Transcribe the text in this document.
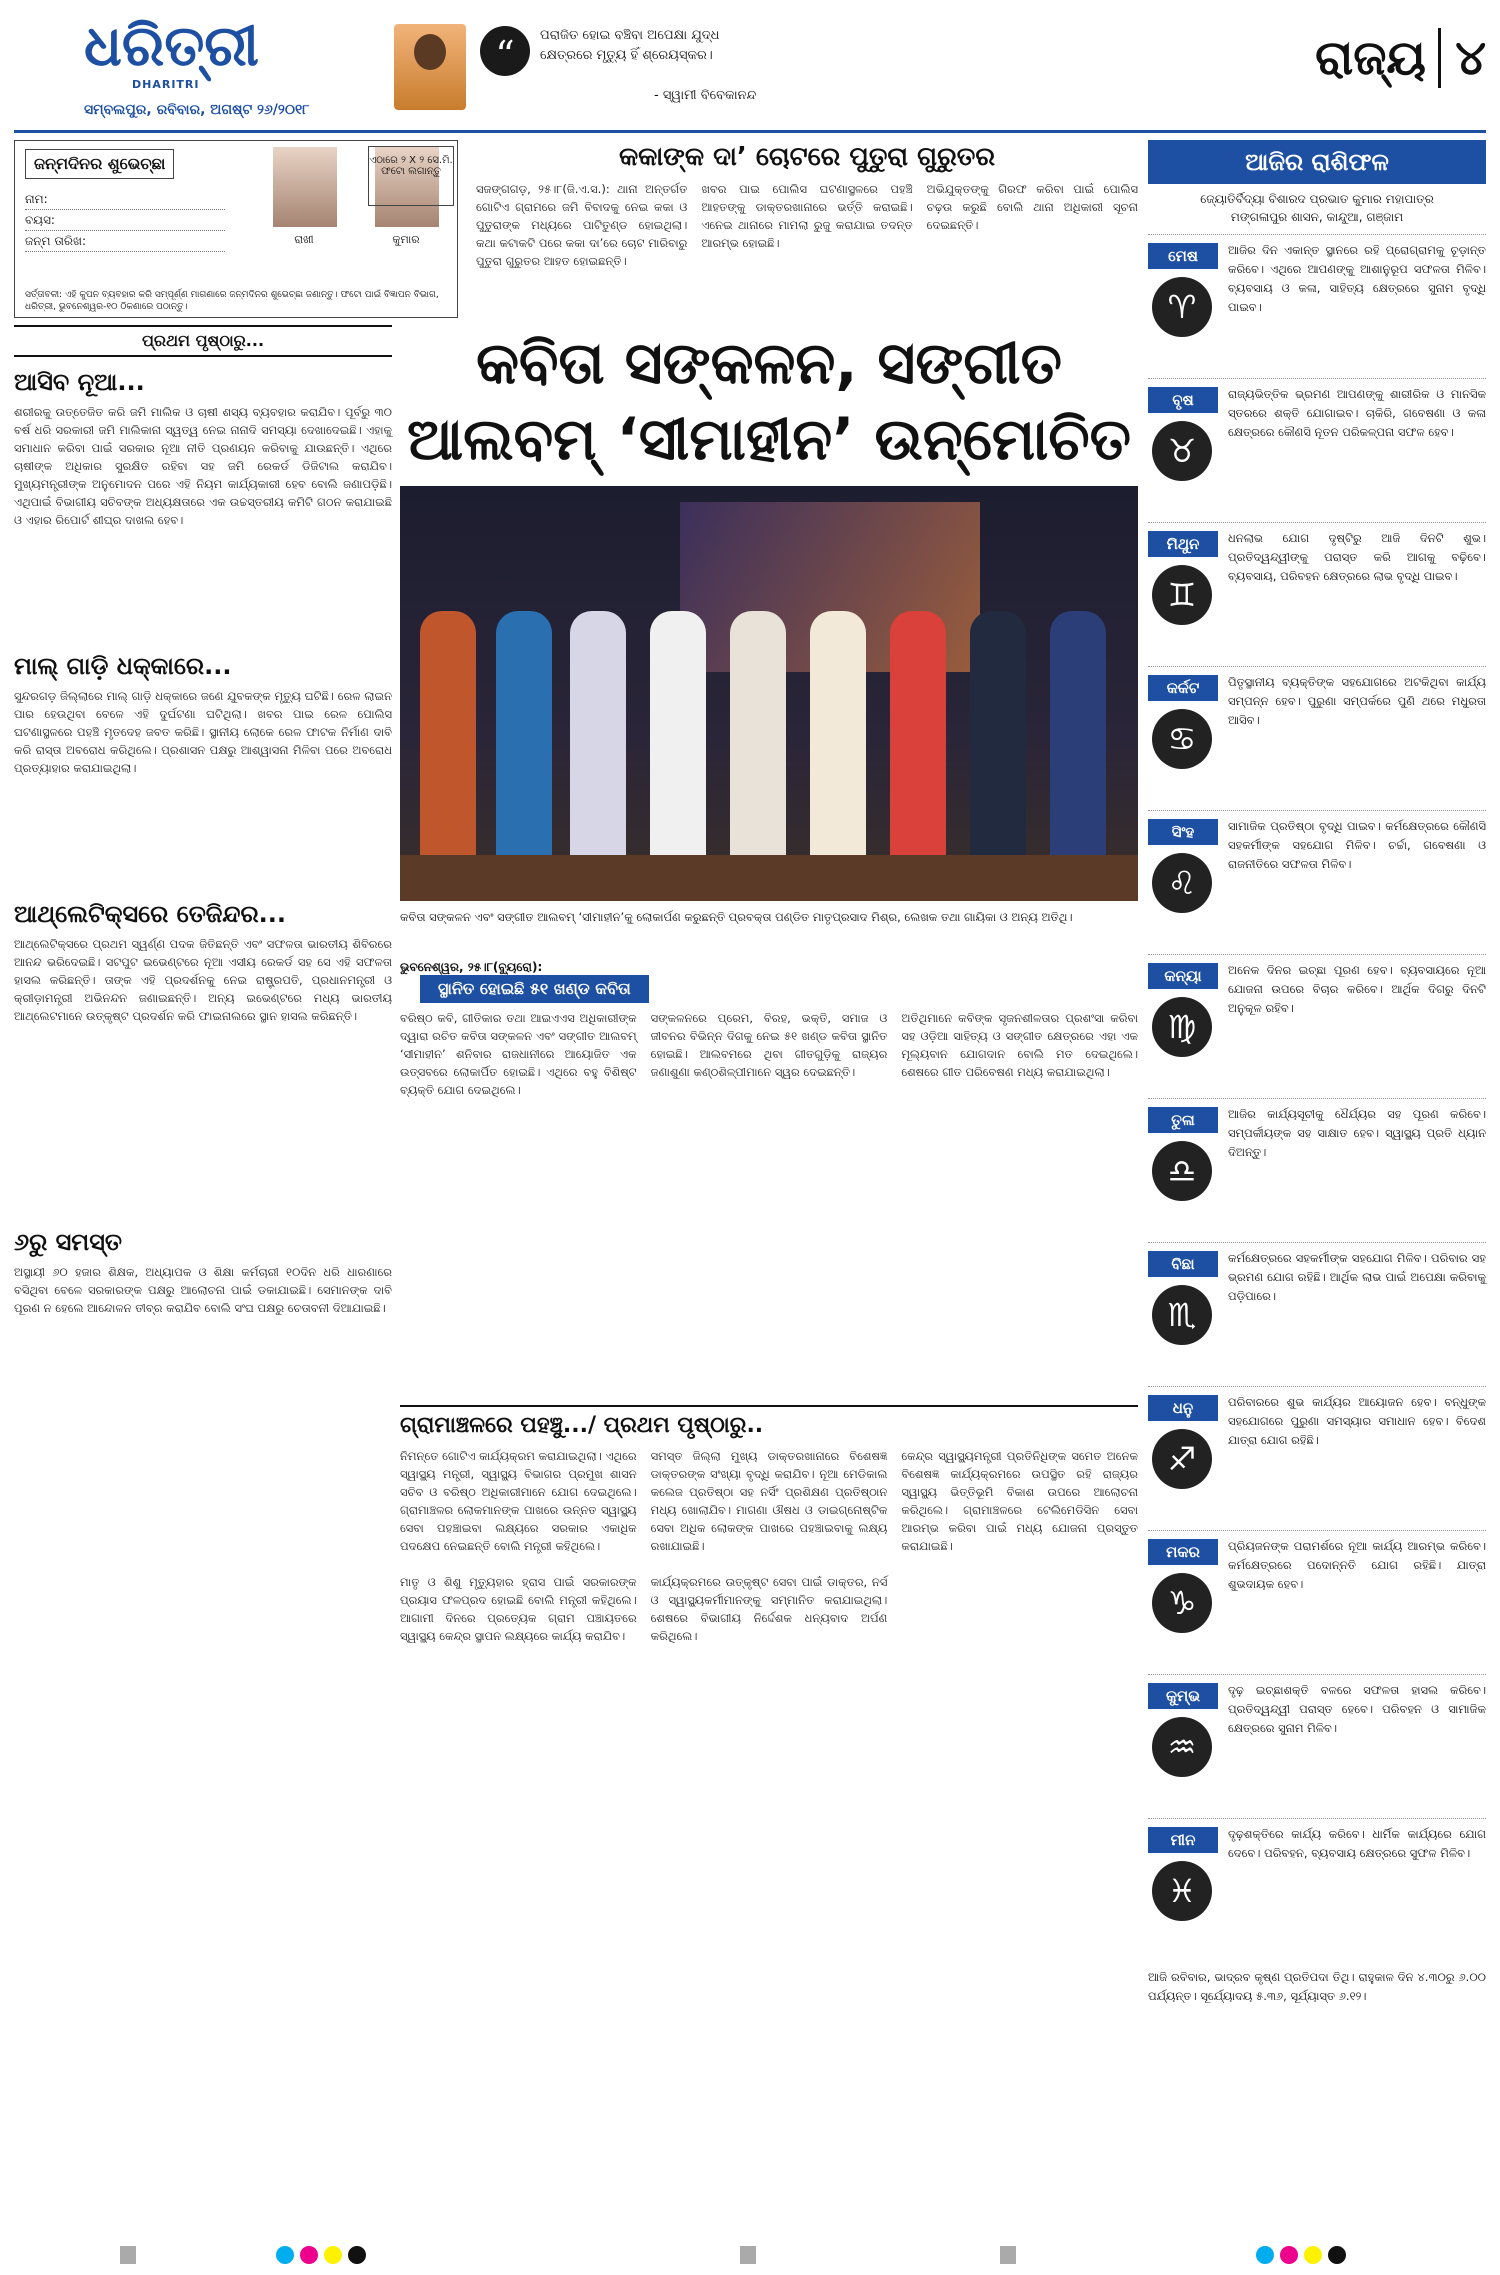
ଧରିତ୍ରୀ
DHARITRI
ସମ୍ବଲପୁର, ରବିବାର, ଅଗଷ୍ଟ ୨୬/୨୦୧୮
“	ପରାଜିତ ହୋଇ ବଞ୍ଚିବା ଅପେକ୍ଷା ଯୁଦ୍ଧ କ୍ଷେତ୍ରରେ ମୃତ୍ୟୁ ହିଁ ଶ୍ରେୟସ୍କର।
- ସ୍ୱାମୀ ବିବେକାନନ୍ଦ
ରାଜ୍ୟ ୪
ଜନ୍ମଦିନର ଶୁଭେଚ୍ଛା
ନାମ:
ବୟସ:
ଜନ୍ମ ତାରିଖ:	ରାଖୀ	କୁମାର
ସର୍ତ୍ତାବଳୀ: ଏହି କୁପନ ବ୍ୟବହାର କରି ସମ୍ପୂର୍ଣ୍ଣ ମାଗଣାରେ ଜନ୍ମଦିନର ଶୁଭେଚ୍ଛା ଜଣାନ୍ତୁ। ଫଟୋ ପାଇଁ ବିଜ୍ଞାପନ ବିଭାଗ, ଧରିତ୍ରୀ, ଭୁବନେଶ୍ୱର-୧୦ ଠିକଣାରେ ପଠାନ୍ତୁ।
ଏଠାରେ ୨ X ୨ ସେ.ମି. ଫଟୋ ଲଗାନ୍ତୁ	କକାଙ୍କ ଦା’ ଚୋଟରେ ପୁତୁରା ଗୁରୁତର

ସଜଙ୍ଗଗଡ଼, ୨୫।୮(ଜି.ଏ.ସ.): ଥାନା ଅନ୍ତର୍ଗତ ଗୋଟିଏ ଗ୍ରାମରେ ଜମି ବିବାଦକୁ ନେଇ କକା ଓ ପୁତୁରାଙ୍କ ମଧ୍ୟରେ ପାଟିତୁଣ୍ଡ ହୋଇଥିଲା। କଥା କଟାକଟି ପରେ କକା ଦା’ରେ ଚୋଟ ମାରିବାରୁ ପୁତୁରା ଗୁରୁତର ଆହତ ହୋଇଛନ୍ତି।

ଖବର ପାଇ ପୋଲିସ ଘଟଣାସ୍ଥଳରେ ପହଞ୍ଚି ଆହତଙ୍କୁ ଡାକ୍ତରଖାନାରେ ଭର୍ତ୍ତି କରାଇଛି। ଏନେଇ ଥାନାରେ ମାମଲା ରୁଜୁ କରାଯାଇ ତଦନ୍ତ ଆରମ୍ଭ ହୋଇଛି।

ଅଭିଯୁକ୍ତଙ୍କୁ ଗିରଫ କରିବା ପାଇଁ ପୋଲିସ ଚଢ଼ଉ କରୁଛି ବୋଲି ଥାନା ଅଧିକାରୀ ସୂଚନା ଦେଇଛନ୍ତି।

ଆଜିର ରାଶିଫଳ
ଜ୍ୟୋତିର୍ବିଦ୍ୟା ବିଶାରଦ ପ୍ରଭାତ କୁମାର ମହାପାତ୍ର
ମଙ୍ଗଳାପୁର ଶାସନ, କାନ୍ଦୁଆ, ଗଞ୍ଜାମ
ମେଷ
♈
ଆଜିର ଦିନ ଏକାନ୍ତ ସ୍ଥାନରେ ରହି ପ୍ରୋଗ୍ରାମକୁ ଚୂଡ଼ାନ୍ତ କରିବେ। ଏଥିରେ ଆପଣଙ୍କୁ ଆଶାନୁରୂପ ସଫଳତା ମିଳିବ। ବ୍ୟବସାୟ ଓ କଳା, ସାହିତ୍ୟ କ୍ଷେତ୍ରରେ ସୁନାମ ବୃଦ୍ଧି ପାଇବ।
ବୃଷ
♉
ରାଜ୍ୟଭିତ୍ତିକ ଭ୍ରମଣ ଆପଣଙ୍କୁ ଶାରୀରିକ ଓ ମାନସିକ ସ୍ତରରେ ଶକ୍ତି ଯୋଗାଇବ। ଚାକିରି, ଗବେଷଣା ଓ କଳା କ୍ଷେତ୍ରରେ କୌଣସି ନୂତନ ପରିକଳ୍ପନା ସଫଳ ହେବ।
ମିଥୁନ
♊
ଧନଲାଭ ଯୋଗ ଦୃଷ୍ଟିରୁ ଆଜି ଦିନଟି ଶୁଭ। ପ୍ରତିଦ୍ୱନ୍ଦ୍ୱୀଙ୍କୁ ପରାସ୍ତ କରି ଆଗକୁ ବଢ଼ିବେ। ବ୍ୟବସାୟ, ପରିବହନ କ୍ଷେତ୍ରରେ ଲାଭ ବୃଦ୍ଧି ପାଇବ।
କର୍କଟ
♋
ପିତୃସ୍ଥାନୀୟ ବ୍ୟକ୍ତିଙ୍କ ସହଯୋଗରେ ଅଟକିଥିବା କାର୍ଯ୍ୟ ସମ୍ପନ୍ନ ହେବ। ପୁରୁଣା ସମ୍ପର୍କରେ ପୁଣି ଥରେ ମଧୁରତା ଆସିବ।
ସିଂହ
♌
ସାମାଜିକ ପ୍ରତିଷ୍ଠା ବୃଦ୍ଧି ପାଇବ। କର୍ମକ୍ଷେତ୍ରରେ କୌଣସି ସହକର୍ମୀଙ୍କ ସହଯୋଗ ମିଳିବ। ଚର୍ଚ୍ଚା, ଗବେଷଣା ଓ ରାଜନୀତିରେ ସଫଳତା ମିଳିବ।
କନ୍ୟା
♍
ଅନେକ ଦିନର ଇଚ୍ଛା ପୂରଣ ହେବ। ବ୍ୟବସାୟରେ ନୂଆ ଯୋଜନା ଉପରେ ବିଚାର କରିବେ। ଆର୍ଥିକ ଦିଗରୁ ଦିନଟି ଅନୁକୂଳ ରହିବ।
ତୁଳା
♎
ଆଜିର କାର୍ଯ୍ୟସୂଚୀକୁ ଧୈର୍ଯ୍ୟର ସହ ପୂରଣ କରିବେ। ସମ୍ପର୍କୀୟଙ୍କ ସହ ସାକ୍ଷାତ ହେବ। ସ୍ୱାସ୍ଥ୍ୟ ପ୍ରତି ଧ୍ୟାନ ଦିଅନ୍ତୁ।
ବିଛା
♏
କର୍ମକ୍ଷେତ୍ରରେ ସହକର୍ମୀଙ୍କ ସହଯୋଗ ମିଳିବ। ପରିବାର ସହ ଭ୍ରମଣ ଯୋଗ ରହିଛି। ଆର୍ଥିକ ଲାଭ ପାଇଁ ଅପେକ୍ଷା କରିବାକୁ ପଡ଼ିପାରେ।
ଧନୁ
♐
ପରିବାରରେ ଶୁଭ କାର୍ଯ୍ୟର ଆୟୋଜନ ହେବ। ବନ୍ଧୁଙ୍କ ସହଯୋଗରେ ପୁରୁଣା ସମସ୍ୟାର ସମାଧାନ ହେବ। ବିଦେଶ ଯାତ୍ରା ଯୋଗ ରହିଛି।
ମକର
♑
ପ୍ରିୟଜନଙ୍କ ପରାମର୍ଶରେ ନୂଆ କାର୍ଯ୍ୟ ଆରମ୍ଭ କରିବେ। କର୍ମକ୍ଷେତ୍ରରେ ପଦୋନ୍ନତି ଯୋଗ ରହିଛି। ଯାତ୍ରା ଶୁଭଦାୟକ ହେବ।
କୁମ୍ଭ
♒
ଦୃଢ଼ ଇଚ୍ଛାଶକ୍ତି ବଳରେ ସଫଳତା ହାସଲ କରିବେ। ପ୍ରତିଦ୍ୱନ୍ଦ୍ୱୀ ପରାସ୍ତ ହେବେ। ପରିବହନ ଓ ସାମାଜିକ କ୍ଷେତ୍ରରେ ସୁନାମ ମିଳିବ।
ମୀନ
♓
ଦୃଢ଼ଶକ୍ତିରେ କାର୍ଯ୍ୟ କରିବେ। ଧାର୍ମିକ କାର୍ଯ୍ୟରେ ଯୋଗ ଦେବେ। ପରିବହନ, ବ୍ୟବସାୟ କ୍ଷେତ୍ରରେ ସୁଫଳ ମିଳିବ।
ଆଜି ରବିବାର, ଭାଦ୍ରବ କୃଷ୍ଣ ପ୍ରତିପଦା ତିଥି। ରାହୁକାଳ ଦିନ ୪.୩୦ରୁ ୬.୦୦ ପର୍ଯ୍ୟନ୍ତ। ସୂର୍ଯ୍ୟୋଦୟ ୫.୩୬, ସୂର୍ଯ୍ୟାସ୍ତ ୬.୧୨।
ପ୍ରଥମ ପୃଷ୍ଠାରୁ...
ଆସିବ ନୂଆ...
ଶରୀରକୁ ଉତ୍ତେଜିତ କରି ଜମି ମାଲିକ ଓ ଚାଷୀ ଶସ୍ୟ ବ୍ୟବହାର କରାଯିବ। ପୂର୍ବରୁ ୩୦ ବର୍ଷ ଧରି ସରକାରୀ ଜମି ମାଲିକାନା ସ୍ୱତ୍ୱ ନେଇ ନାନାଦି ସମସ୍ୟା ଦେଖାଦେଇଛି। ଏହାକୁ ସମାଧାନ କରିବା ପାଇଁ ସରକାର ନୂଆ ନୀତି ପ୍ରଣୟନ କରିବାକୁ ଯାଉଛନ୍ତି। ଏଥିରେ ଚାଷୀଙ୍କ ଅଧିକାର ସୁରକ୍ଷିତ ରହିବା ସହ ଜମି ରେକର୍ଡ ଡିଜିଟାଲ କରାଯିବ। ମୁଖ୍ୟମନ୍ତ୍ରୀଙ୍କ ଅନୁମୋଦନ ପରେ ଏହି ନିୟମ କାର୍ଯ୍ୟକାରୀ ହେବ ବୋଲି ଜଣାପଡ଼ିଛି। ଏଥିପାଇଁ ବିଭାଗୀୟ ସଚିବଙ୍କ ଅଧ୍ୟକ୍ଷତାରେ ଏକ ଉଚ୍ଚସ୍ତରୀୟ କମିଟି ଗଠନ କରାଯାଇଛି ଓ ଏହାର ରିପୋର୍ଟ ଶୀଘ୍ର ଦାଖଲ ହେବ।
ମାଲ୍ ଗାଡ଼ି ଧକ୍କାରେ...
ସୁନ୍ଦରଗଡ଼ ଜିଲ୍ଲାରେ ମାଲ୍ ଗାଡ଼ି ଧକ୍କାରେ ଜଣେ ଯୁବକଙ୍କ ମୃତ୍ୟୁ ଘଟିଛି। ରେଳ ଲାଇନ ପାର ହେଉଥିବା ବେଳେ ଏହି ଦୁର୍ଘଟଣା ଘଟିଥିଲା। ଖବର ପାଇ ରେଳ ପୋଲିସ ଘଟଣାସ୍ଥଳରେ ପହଞ୍ଚି ମୃତଦେହ ଜବତ କରିଛି। ସ୍ଥାନୀୟ ଲୋକେ ରେଳ ଫାଟକ ନିର୍ମାଣ ଦାବି କରି ରାସ୍ତା ଅବରୋଧ କରିଥିଲେ। ପ୍ରଶାସନ ପକ୍ଷରୁ ଆଶ୍ୱାସନା ମିଳିବା ପରେ ଅବରୋଧ ପ୍ରତ୍ୟାହାର କରାଯାଇଥିଲା।
ଆଥ୍ଲେଟିକ୍ସରେ ତେଜିନ୍ଦର...
ଆଥ୍ଲେଟିକ୍ସରେ ପ୍ରଥମ ସ୍ୱର୍ଣ୍ଣ ପଦକ ଜିତିଛନ୍ତି ଏବଂ ସଫଳତା ଭାରତୀୟ ଶିବିରରେ ଆନନ୍ଦ ଭରିଦେଇଛି। ସଟପୁଟ ଇଭେଣ୍ଟରେ ନୂଆ ଏସୀୟ ରେକର୍ଡ ସହ ସେ ଏହି ସଫଳତା ହାସଲ କରିଛନ୍ତି। ତାଙ୍କ ଏହି ପ୍ରଦର୍ଶନକୁ ନେଇ ରାଷ୍ଟ୍ରପତି, ପ୍ରଧାନମନ୍ତ୍ରୀ ଓ କ୍ରୀଡ଼ାମନ୍ତ୍ରୀ ଅଭିନନ୍ଦନ ଜଣାଇଛନ୍ତି। ଅନ୍ୟ ଇଭେଣ୍ଟରେ ମଧ୍ୟ ଭାରତୀୟ ଆଥ୍ଲେଟମାନେ ଉତ୍କୃଷ୍ଟ ପ୍ରଦର୍ଶନ କରି ଫାଇନାଲରେ ସ୍ଥାନ ହାସଲ କରିଛନ୍ତି।
୬ରୁ ସମସ୍ତ
ଅସ୍ଥାୟୀ ୬୦ ହଜାର ଶିକ୍ଷକ, ଅଧ୍ୟାପକ ଓ ଶିକ୍ଷା କର୍ମଚାରୀ ୧୦ଦିନ ଧରି ଧାରଣାରେ ବସିଥିବା ବେଳେ ସରକାରଙ୍କ ପକ୍ଷରୁ ଆଲୋଚନା ପାଇଁ ଡକାଯାଇଛି। ସେମାନଙ୍କ ଦାବି ପୂରଣ ନ ହେଲେ ଆନ୍ଦୋଳନ ତୀବ୍ର କରାଯିବ ବୋଲି ସଂଘ ପକ୍ଷରୁ ଚେତାବନୀ ଦିଆଯାଇଛି।
କବିତା ସଙ୍କଳନ, ସଙ୍ଗୀତ ଆଲବମ୍ ‘ସୀମାହୀନ’ ଉନ୍ମୋଚିତ
କବିତା ସଙ୍କଳନ ଏବଂ ସଙ୍ଗୀତ ଆଲବମ୍ ‘ସୀମାହୀନ’କୁ ଲୋକାର୍ପଣ କରୁଛନ୍ତି ପ୍ରବକ୍ତା ପଣ୍ଡିତ ମାତୃପ୍ରସାଦ ମିଶ୍ର, ଲେଖକ ତଥା ଗାୟିକା ଓ ଅନ୍ୟ ଅତିଥି।
ଭୁବନେଶ୍ୱର, ୨୫।୮(ବ୍ୟୁରୋ):
ସ୍ଥାନିତ ହୋଇଛି ୫୧ ଖଣ୍ଡ କବିତା

ବରିଷ୍ଠ କବି, ଗୀତିକାର ତଥା ଆଇଏଏସ ଅଧିକାରୀଙ୍କ ଦ୍ୱାରା ରଚିତ କବିତା ସଙ୍କଳନ ଏବଂ ସଙ୍ଗୀତ ଆଲବମ୍ ‘ସୀମାହୀନ’ ଶନିବାର ରାଜଧାନୀରେ ଆୟୋଜିତ ଏକ ଉତ୍ସବରେ ଲୋକାର୍ପିତ ହୋଇଛି। ଏଥିରେ ବହୁ ବିଶିଷ୍ଟ ବ୍ୟକ୍ତି ଯୋଗ ଦେଇଥିଲେ।

ସଙ୍କଳନରେ ପ୍ରେମ, ବିରହ, ଭକ୍ତି, ସମାଜ ଓ ଜୀବନର ବିଭିନ୍ନ ଦିଗକୁ ନେଇ ୫୧ ଖଣ୍ଡ କବିତା ସ୍ଥାନିତ ହୋଇଛି। ଆଲବମରେ ଥିବା ଗୀତଗୁଡ଼ିକୁ ରାଜ୍ୟର ଜଣାଶୁଣା କଣ୍ଠଶିଳ୍ପୀମାନେ ସ୍ୱର ଦେଇଛନ୍ତି।

ଅତିଥିମାନେ କବିଙ୍କ ସୃଜନଶୀଳତାର ପ୍ରଶଂସା କରିବା ସହ ଓଡ଼ିଆ ସାହିତ୍ୟ ଓ ସଙ୍ଗୀତ କ୍ଷେତ୍ରରେ ଏହା ଏକ ମୂଲ୍ୟବାନ ଯୋଗଦାନ ବୋଲି ମତ ଦେଇଥିଲେ। ଶେଷରେ ଗୀତ ପରିବେଷଣ ମଧ୍ୟ କରାଯାଇଥିଲା।

ଗ୍ରାମାଞ୍ଚଳରେ ପହଞ୍ଚୁ.../ ପ୍ରଥମ ପୃଷ୍ଠାରୁ..

ନିମନ୍ତେ ଗୋଟିଏ କାର୍ଯ୍ୟକ୍ରମ କରାଯାଇଥିଲା। ଏଥିରେ ସ୍ୱାସ୍ଥ୍ୟ ମନ୍ତ୍ରୀ, ସ୍ୱାସ୍ଥ୍ୟ ବିଭାଗର ପ୍ରମୁଖ ଶାସନ ସଚିବ ଓ ବରିଷ୍ଠ ଅଧିକାରୀମାନେ ଯୋଗ ଦେଇଥିଲେ। ଗ୍ରାମାଞ୍ଚଳର ଲୋକମାନଙ୍କ ପାଖରେ ଉନ୍ନତ ସ୍ୱାସ୍ଥ୍ୟ ସେବା ପହଞ୍ଚାଇବା ଲକ୍ଷ୍ୟରେ ସରକାର ଏକାଧିକ ପଦକ୍ଷେପ ନେଇଛନ୍ତି ବୋଲି ମନ୍ତ୍ରୀ କହିଥିଲେ।

ସମସ୍ତ ଜିଲ୍ଲା ମୁଖ୍ୟ ଡାକ୍ତରଖାନାରେ ବିଶେଷଜ୍ଞ ଡାକ୍ତରଙ୍କ ସଂଖ୍ୟା ବୃଦ୍ଧି କରାଯିବ। ନୂଆ ମେଡିକାଲ କଲେଜ ପ୍ରତିଷ୍ଠା ସହ ନର୍ସିଂ ପ୍ରଶିକ୍ଷଣ ପ୍ରତିଷ୍ଠାନ ମଧ୍ୟ ଖୋଲାଯିବ। ମାଗଣା ଔଷଧ ଓ ଡାଇଗ୍ନୋଷ୍ଟିକ ସେବା ଅଧିକ ଲୋକଙ୍କ ପାଖରେ ପହଞ୍ଚାଇବାକୁ ଲକ୍ଷ୍ୟ ରଖାଯାଇଛି।

କେନ୍ଦ୍ର ସ୍ୱାସ୍ଥ୍ୟମନ୍ତ୍ରୀ ପ୍ରତିନିଧିଙ୍କ ସମେତ ଅନେକ ବିଶେଷଜ୍ଞ କାର୍ଯ୍ୟକ୍ରମରେ ଉପସ୍ଥିତ ରହି ରାଜ୍ୟର ସ୍ୱାସ୍ଥ୍ୟ ଭିତ୍ତିଭୂମି ବିକାଶ ଉପରେ ଆଲୋଚନା କରିଥିଲେ। ଗ୍ରାମାଞ୍ଚଳରେ ଟେଲିମେଡିସିନ ସେବା ଆରମ୍ଭ କରିବା ପାଇଁ ମଧ୍ୟ ଯୋଜନା ପ୍ରସ୍ତୁତ କରାଯାଇଛି।

ମାତୃ ଓ ଶିଶୁ ମୃତ୍ୟୁହାର ହ୍ରାସ ପାଇଁ ସରକାରଙ୍କ ପ୍ରୟାସ ଫଳପ୍ରଦ ହୋଇଛି ବୋଲି ମନ୍ତ୍ରୀ କହିଥିଲେ। ଆଗାମୀ ଦିନରେ ପ୍ରତ୍ୟେକ ଗ୍ରାମ ପଞ୍ଚାୟତରେ ସ୍ୱାସ୍ଥ୍ୟ କେନ୍ଦ୍ର ସ୍ଥାପନ ଲକ୍ଷ୍ୟରେ କାର୍ଯ୍ୟ କରାଯିବ।

କାର୍ଯ୍ୟକ୍ରମରେ ଉତ୍କୃଷ୍ଟ ସେବା ପାଇଁ ଡାକ୍ତର, ନର୍ସ ଓ ସ୍ୱାସ୍ଥ୍ୟକର୍ମୀମାନଙ୍କୁ ସମ୍ମାନିତ କରାଯାଇଥିଲା। ଶେଷରେ ବିଭାଗୀୟ ନିର୍ଦ୍ଦେଶକ ଧନ୍ୟବାଦ ଅର୍ପଣ କରିଥିଲେ।
